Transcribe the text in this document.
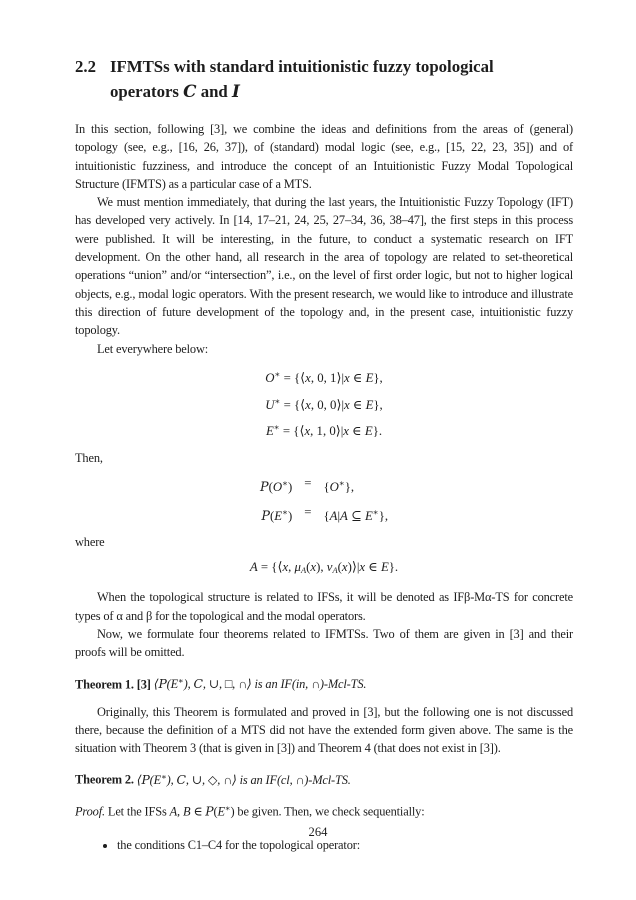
2.2 IFMTSs with standard intuitionistic fuzzy topological
operators C and I

In this section, following [3], we combine the ideas and definitions from the areas of (general) topology (see, e.g., [16, 26, 37]), of (standard) modal logic (see, e.g., [15, 22, 23, 35]) and of intuitionistic fuzziness, and introduce the concept of an Intuitionistic Fuzzy Modal Topological Structure (IFMTS) as a particular case of a MTS.

We must mention immediately, that during the last years, the Intuitionistic Fuzzy Topology (IFT) has developed very actively. In [14, 17–21, 24, 25, 27–34, 36, 38–47], the first steps in this process were published. It will be interesting, in the future, to conduct a systematic research on IFT development. On the other hand, all research in the area of topology are related to set-theoretical operations “union” and/or “intersection”, i.e., on the level of first order logic, but not to higher logical objects, e.g., modal logic operators. With the present research, we would like to introduce and illustrate this direction of future development of the topology and, in the present case, intuitionistic fuzzy topology.

Let everywhere below:

O∗ = {⟨x, 0, 1⟩|x ∈ E},
U∗ = {⟨x, 0, 0⟩|x ∈ E},
E∗ = {⟨x, 1, 0⟩|x ∈ E}.

Then,

P(O∗) = {O∗},
P(E∗) = {A|A ⊆ E∗},

where

A = {⟨x, μA(x), νA(x)⟩|x ∈ E}.

When the topological structure is related to IFSs, it will be denoted as IFβ-Mα-TS for concrete types of α and β for the topological and the modal operators.

Now, we formulate four theorems related to IFMTSs. Two of them are given in [3] and their proofs will be omitted.

Theorem 1. [3] ⟨P(E∗), C, ∪, □, ∩⟩ is an IF(in, ∩)-Mcl-TS.

Originally, this Theorem is formulated and proved in [3], but the following one is not discussed there, because the definition of a MTS did not have the extended form given above. The same is the situation with Theorem 3 (that is given in [3]) and Theorem 4 (that does not exist in [3]).

Theorem 2. ⟨P(E∗), C, ∪, ◇, ∩⟩ is an IF(cl, ∩)-Mcl-TS.

Proof. Let the IFSs A, B ∈ P(E∗) be given. Then, we check sequentially:

• the conditions C1–C4 for the topological operator:
264
